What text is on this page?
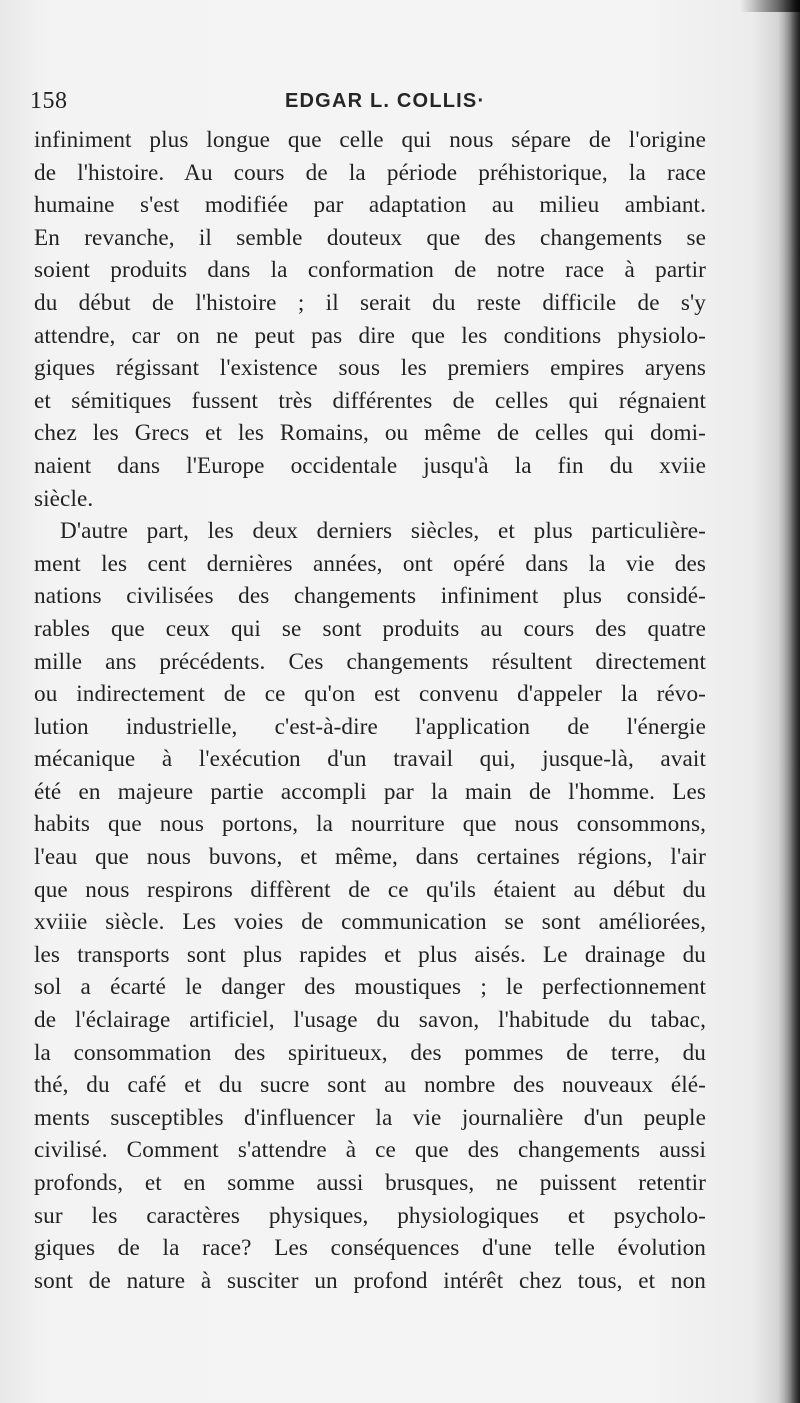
158	EDGAR L. COLLIS·
infiniment plus longue que celle qui nous sépare de l'origine
de l'histoire. Au cours de la période préhistorique, la race
humaine s'est modifiée par adaptation au milieu ambiant.
En revanche, il semble douteux que des changements se
soient produits dans la conformation de notre race à partir
du début de l'histoire ; il serait du reste difficile de s'y
attendre, car on ne peut pas dire que les conditions physiolo-
giques régissant l'existence sous les premiers empires aryens
et sémitiques fussent très différentes de celles qui régnaient
chez les Grecs et les Romains, ou même de celles qui domi-
naient dans l'Europe occidentale jusqu'à la fin du xviie
siècle.
D'autre part, les deux derniers siècles, et plus particulière-
ment les cent dernières années, ont opéré dans la vie des
nations civilisées des changements infiniment plus considé-
rables que ceux qui se sont produits au cours des quatre
mille ans précédents. Ces changements résultent directement
ou indirectement de ce qu'on est convenu d'appeler la révo-
lution industrielle, c'est-à-dire l'application de l'énergie
mécanique à l'exécution d'un travail qui, jusque-là, avait
été en majeure partie accompli par la main de l'homme. Les
habits que nous portons, la nourriture que nous consommons,
l'eau que nous buvons, et même, dans certaines régions, l'air
que nous respirons diffèrent de ce qu'ils étaient au début du
xviiie siècle. Les voies de communication se sont améliorées,
les transports sont plus rapides et plus aisés. Le drainage du
sol a écarté le danger des moustiques ; le perfectionnement
de l'éclairage artificiel, l'usage du savon, l'habitude du tabac,
la consommation des spiritueux, des pommes de terre, du
thé, du café et du sucre sont au nombre des nouveaux élé-
ments susceptibles d'influencer la vie journalière d'un peuple
civilisé. Comment s'attendre à ce que des changements aussi
profonds, et en somme aussi brusques, ne puissent retentir
sur les caractères physiques, physiologiques et psycholo-
giques de la race? Les conséquences d'une telle évolution
sont de nature à susciter un profond intérêt chez tous, et non
